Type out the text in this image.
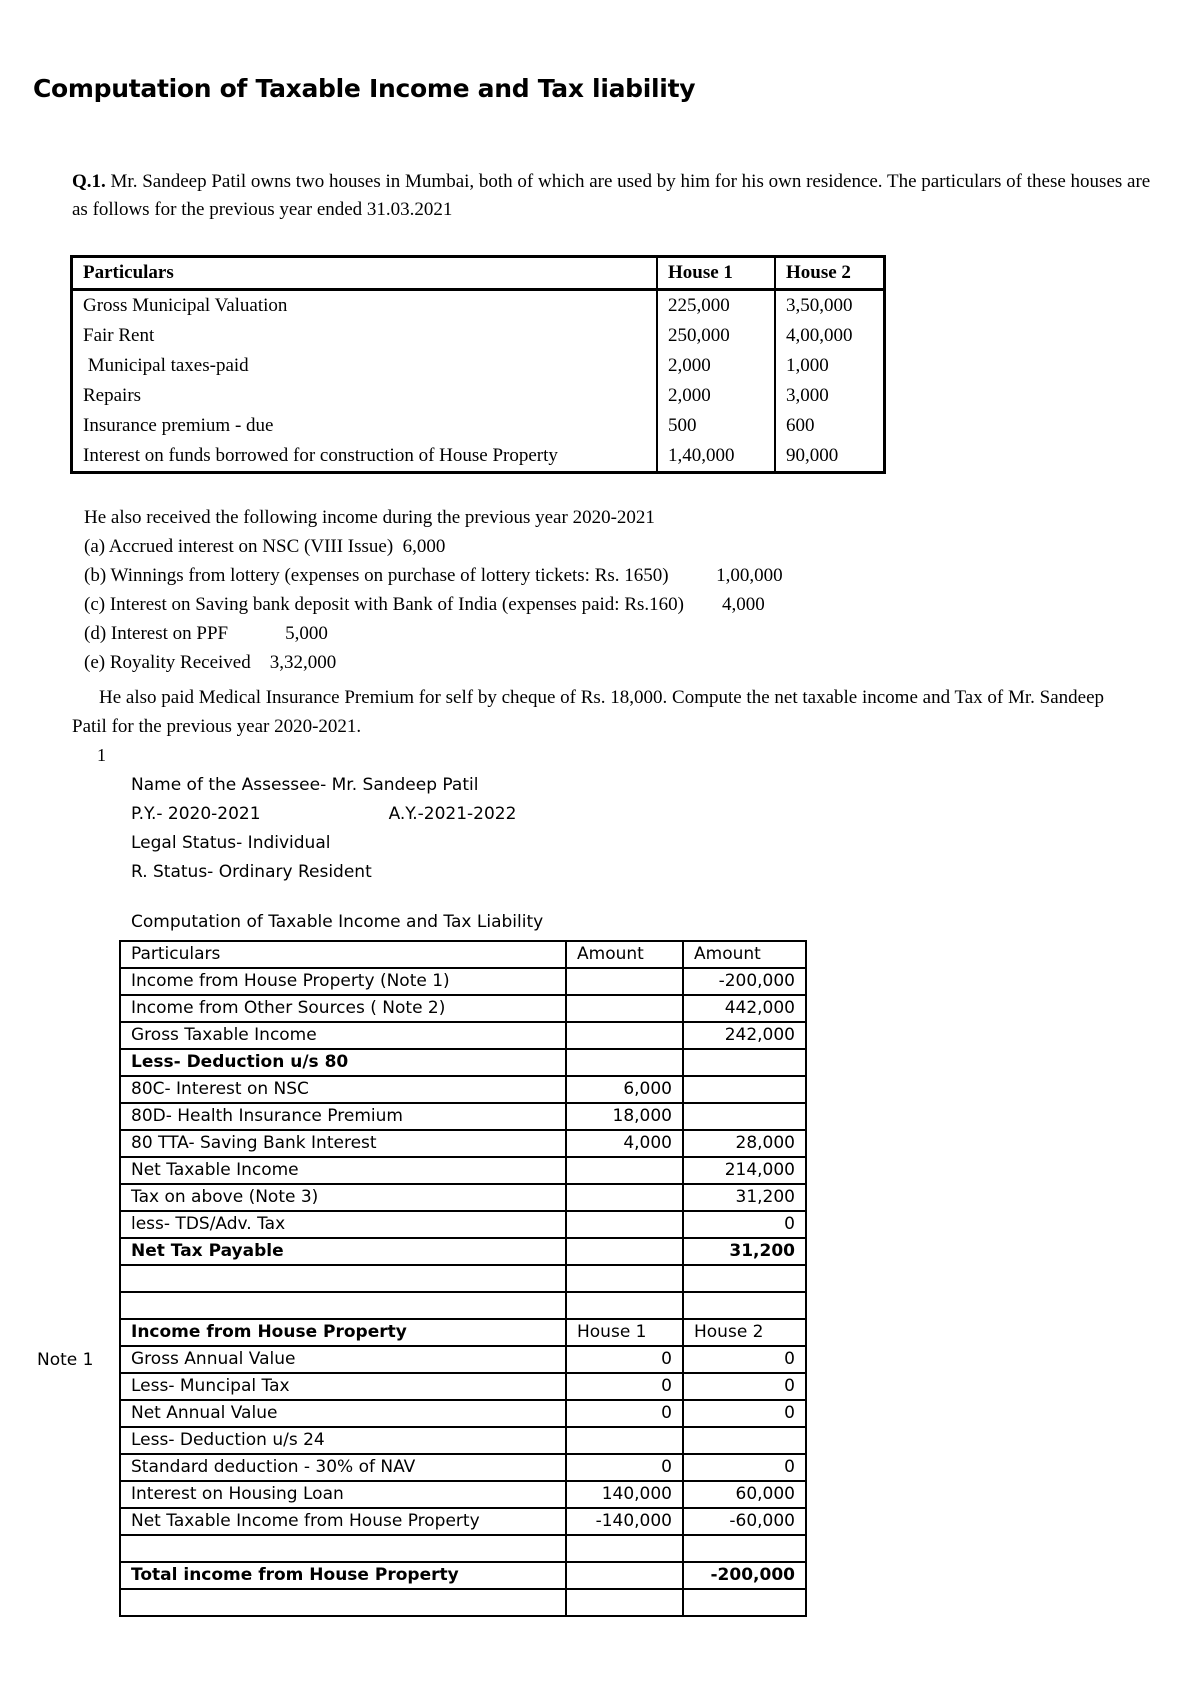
Computation of Taxable Income and Tax liability
Q.1. Mr. Sandeep Patil owns two houses in Mumbai, both of which are used by him for his own residence. The particulars of these houses are as follows for the previous year ended 31.03.2021
Particulars	House 1	House 2
Gross Municipal Valuation	225,000	3,50,000
Fair Rent	250,000	4,00,000
Municipal taxes-paid	2,000	1,000
Repairs	2,000	3,000
Insurance premium - due	500	600
Interest on funds borrowed for construction of House Property	1,40,000	90,000
He also received the following income during the previous year 2020-2021
(a) Accrued interest on NSC (VIII Issue)  6,000
(b) Winnings from lottery (expenses on purchase of lottery tickets: Rs. 1650)          1,00,000
(c) Interest on Saving bank deposit with Bank of India (expenses paid: Rs.160)        4,000
(d) Interest on PPF            5,000
(e) Royality Received    3,32,000
He also paid Medical Insurance Premium for self by cheque of Rs. 18,000. Compute the net taxable income and Tax of Mr. Sandeep Patil for the previous year 2020-2021.
1
Name of the Assessee- Mr. Sandeep Patil
P.Y.- 2020-2021	A.Y.-2021-2022
Legal Status- Individual
R. Status- Ordinary Resident
Computation of Taxable Income and Tax Liability
Note 1
Particulars	Amount	Amount
Income from House Property (Note 1)		-200,000
Income from Other Sources ( Note 2)		442,000
Gross Taxable Income		242,000
Less- Deduction u/s 80		
80C- Interest on NSC	6,000	
80D- Health Insurance Premium	18,000	
80 TTA- Saving Bank Interest	4,000	28,000
Net Taxable Income		214,000
Tax on above (Note 3)		31,200
less- TDS/Adv. Tax		0
Net Tax Payable		31,200

Income from House Property	House 1	House 2
Gross Annual Value	0	0
Less- Muncipal Tax	0	0
Net Annual Value	0	0
Less- Deduction u/s 24		
Standard deduction - 30% of NAV	0	0
Interest on Housing Loan	140,000	60,000
Net Taxable Income from House Property	-140,000	-60,000

Total income from House Property		-200,000
